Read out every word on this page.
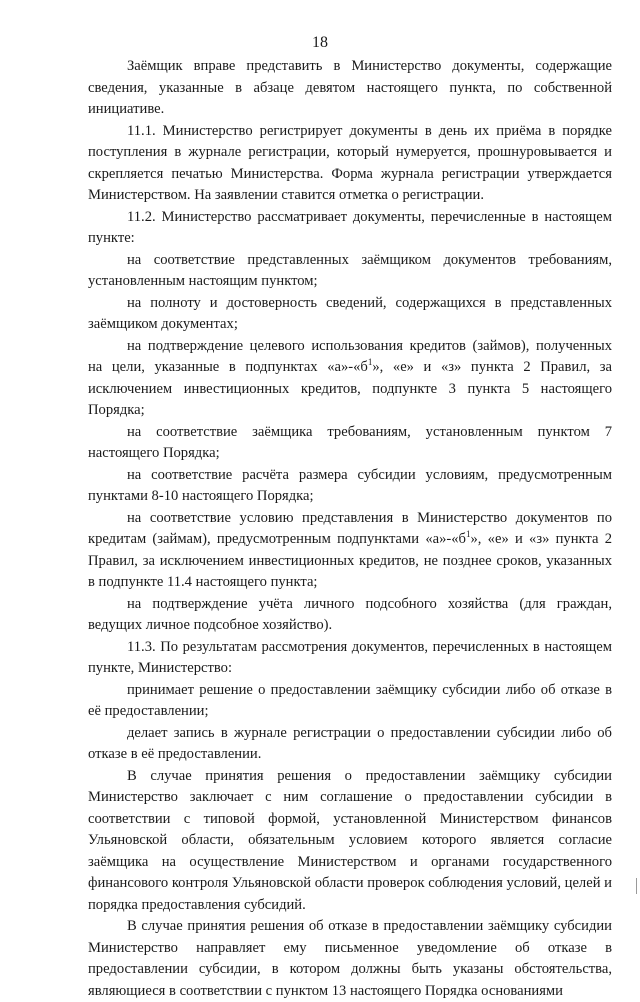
18

Заёмщик вправе представить в Министерство документы, содержащие сведения, указанные в абзаце девятом настоящего пункта, по собственной инициативе.

11.1. Министерство регистрирует документы в день их приёма в порядке поступления в журнале регистрации, который нумеруется, прошнуровывается и скрепляется печатью Министерства. Форма журнала регистрации утверждается Министерством. На заявлении ставится отметка о регистрации.

11.2. Министерство рассматривает документы, перечисленные в настоящем пункте:

на соответствие представленных заёмщиком документов требованиям, установленным настоящим пунктом;

на полноту и достоверность сведений, содержащихся в представленных заёмщиком документах;

на подтверждение целевого использования кредитов (займов), полученных на цели, указанные в подпунктах «$а»-«б^1$», «е» и «з» пункта 2 Правил, за исключением инвестиционных кредитов, подпункте 3 пункта 5 настоящего Порядка;

на соответствие заёмщика требованиям, установленным пунктом 7 настоящего Порядка;

на соответствие расчёта размера субсидии условиям, предусмотренным пунктами 8-10 настоящего Порядка;

на соответствие условию представления в Министерство документов по кредитам (займам), предусмотренным подпунктами «$а»-«б^1$», «е» и «з» пункта 2 Правил, за исключением инвестиционных кредитов, не позднее сроков, указанных в подпункте 11.4 настоящего пункта;

на подтверждение учёта личного подсобного хозяйства (для граждан, ведущих личное подсобное хозяйство).

11.3. По результатам рассмотрения документов, перечисленных в настоящем пункте, Министерство:

принимает решение о предоставлении заёмщику субсидии либо об отказе в её предоставлении;

делает запись в журнале регистрации о предоставлении субсидии либо об отказе в её предоставлении.

В случае принятия решения о предоставлении заёмщику субсидии Министерство заключает с ним соглашение о предоставлении субсидии в соответствии с типовой формой, установленной Министерством финансов Ульяновской области, обязательным условием которого является согласие заёмщика на осуществление Министерством и органами государственного финансового контроля Ульяновской области проверок соблюдения условий, целей и порядка предоставления субсидий.

В случае принятия решения об отказе в предоставлении заёмщику субсидии Министерство направляет ему письменное уведомление об отказе в предоставлении субсидии, в котором должны быть указаны обстоятельства, являющиеся в соответствии с пунктом 13 настоящего Порядка основаниями
